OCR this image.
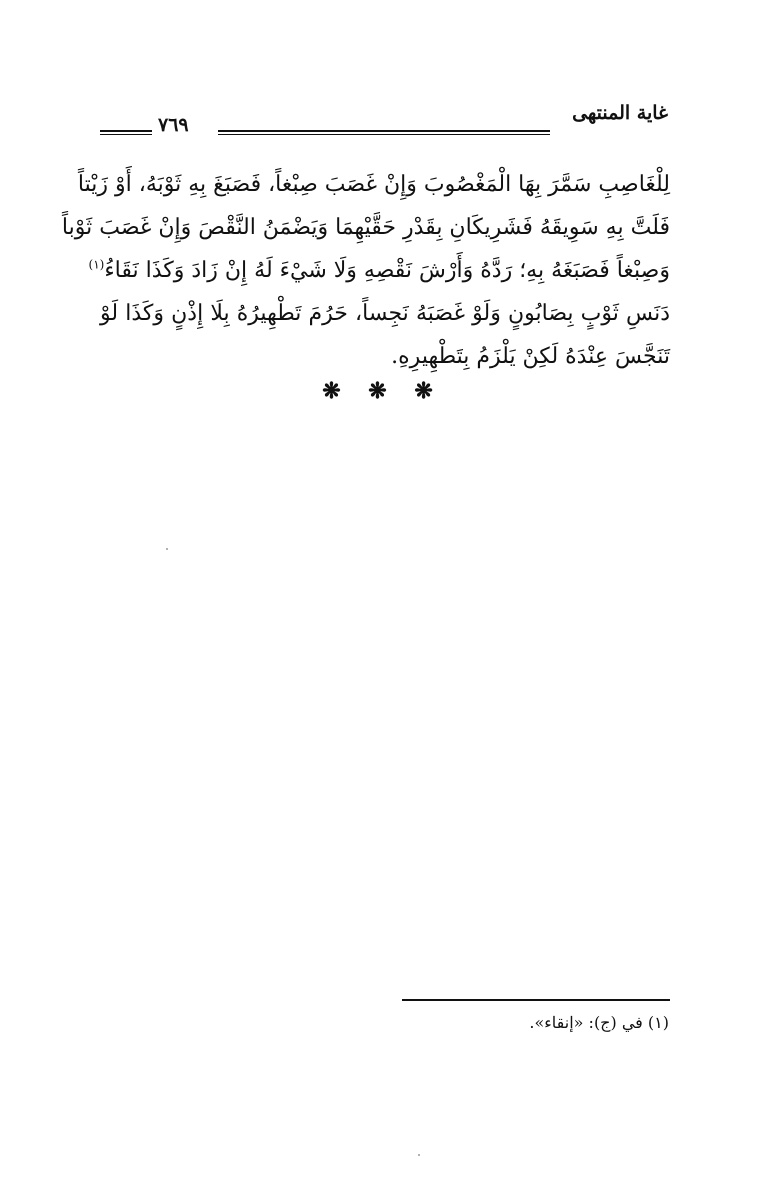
غاية المنتهى
٧٦٩
لِلْغَاصِبِ سَمَّرَ بِهَا الْمَغْصُوبَ وَإِنْ غَصَبَ صِبْغاً، فَصَبَغَ بِهِ ثَوْبَهُ، أَوْ زَيْتاً
فَلَتَّ بِهِ سَوِيقَهُ فَشَرِيكَانِ بِقَدْرِ حَقَّيْهِمَا وَيَضْمَنُ النَّقْصَ وَإِنْ غَصَبَ ثَوْباً
وَصِبْغاً فَصَبَغَهُ بِهِ؛ رَدَّهُ وَأَرْشَ نَقْصِهِ وَلَا شَيْءَ لَهُ إِنْ زَادَ وَكَذَا نَقَاءُ$^{(١)}$
دَنَسِ ثَوْبٍ بِصَابُونٍ وَلَوْ غَصَبَهُ نَجِساً، حَرُمَ تَطْهِيرُهُ بِلَا إِذْنٍ وَكَذَا لَوْ
تَنَجَّسَ عِنْدَهُ لَكِنْ يَلْزَمُ بِتَطْهِيرِهِ.
❋ ❋ ❋
(١) في (ج): «إنقاء».
